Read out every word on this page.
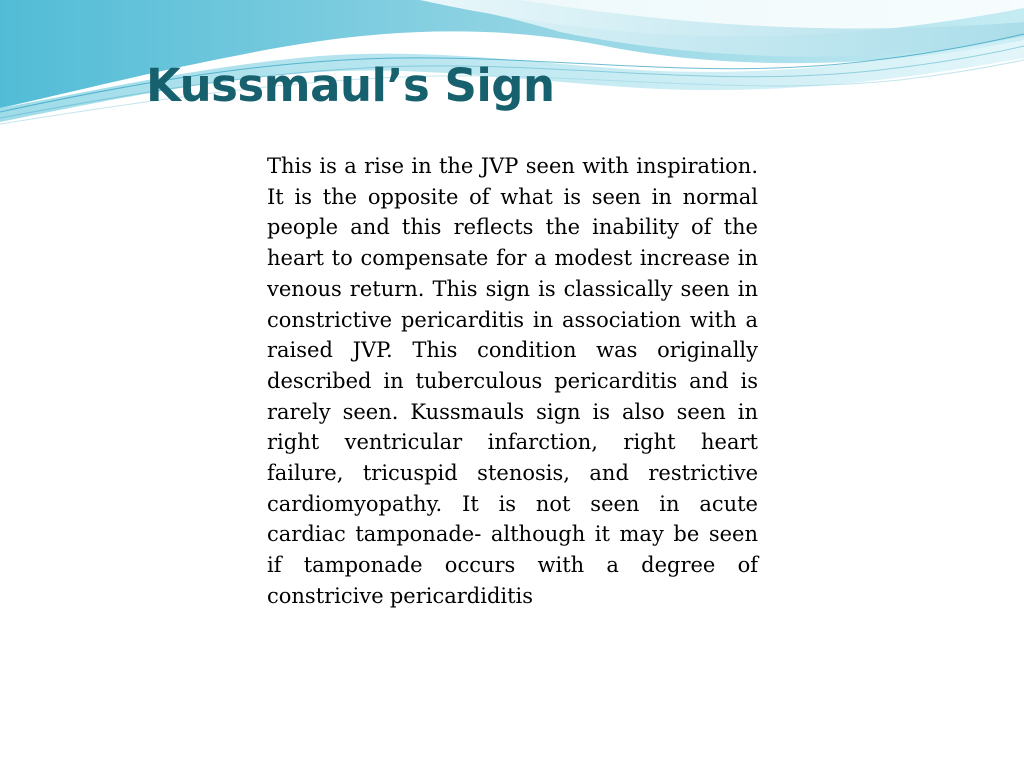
Kussmaul’s Sign

This is a rise in the JVP seen with inspiration. It is the opposite of what is seen in normal people and this reflects the inability of the heart to compensate for a modest increase in venous return. This sign is classically seen in constrictive pericarditis in association with a raised JVP. This condition was originally described in tuberculous pericarditis and is rarely seen. Kussmauls sign is also seen in right ventricular infarction, right heart failure, tricuspid stenosis, and restrictive cardiomyopathy. It is not seen in acute cardiac tamponade- although it may be seen if tamponade occurs with a degree of constricive pericardiditis
